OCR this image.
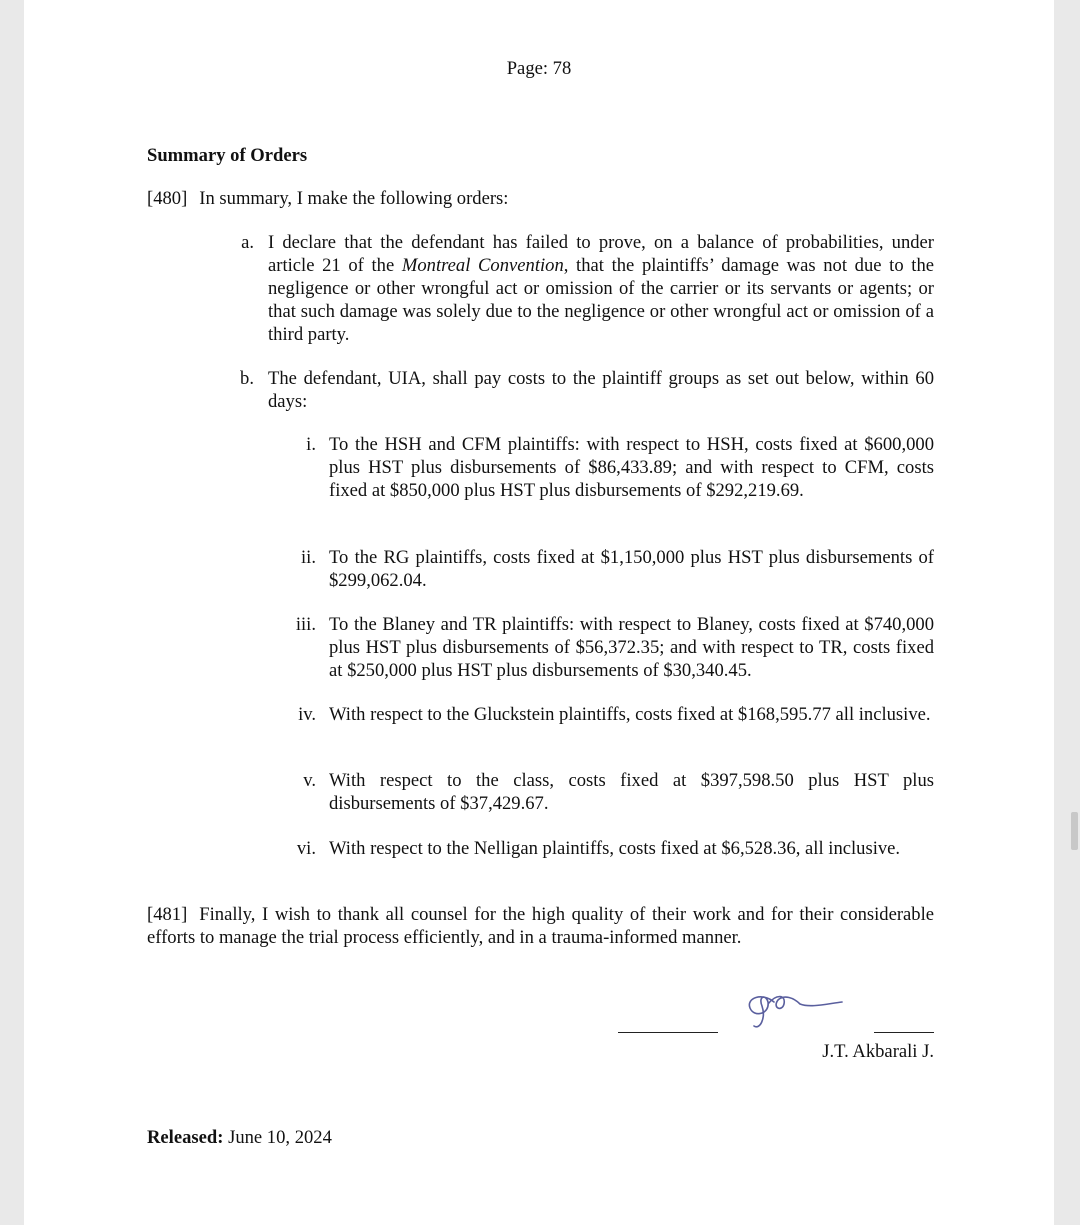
Page: 78
Summary of Orders
[480] In summary, I make the following orders:
a. I declare that the defendant has failed to prove, on a balance of probabilities, under article 21 of the Montreal Convention, that the plaintiffs’ damage was not due to the negligence or other wrongful act or omission of the carrier or its servants or agents; or that such damage was solely due to the negligence or other wrongful act or omission of a third party.
b. The defendant, UIA, shall pay costs to the plaintiff groups as set out below, within 60 days:
i. To the HSH and CFM plaintiffs: with respect to HSH, costs fixed at $600,000 plus HST plus disbursements of $86,433.89; and with respect to CFM, costs fixed at $850,000 plus HST plus disbursements of $292,219.69.
ii. To the RG plaintiffs, costs fixed at $1,150,000 plus HST plus disbursements of $299,062.04.
iii. To the Blaney and TR plaintiffs: with respect to Blaney, costs fixed at $740,000 plus HST plus disbursements of $56,372.35; and with respect to TR, costs fixed at $250,000 plus HST plus disbursements of $30,340.45.
iv. With respect to the Gluckstein plaintiffs, costs fixed at $168,595.77 all inclusive.
v. With respect to the class, costs fixed at $397,598.50 plus HST plus disbursements of $37,429.67.
vi. With respect to the Nelligan plaintiffs, costs fixed at $6,528.36, all inclusive.
[481] Finally, I wish to thank all counsel for the high quality of their work and for their considerable efforts to manage the trial process efficiently, and in a trauma-informed manner.
J.T. Akbarali J.
Released: June 10, 2024
